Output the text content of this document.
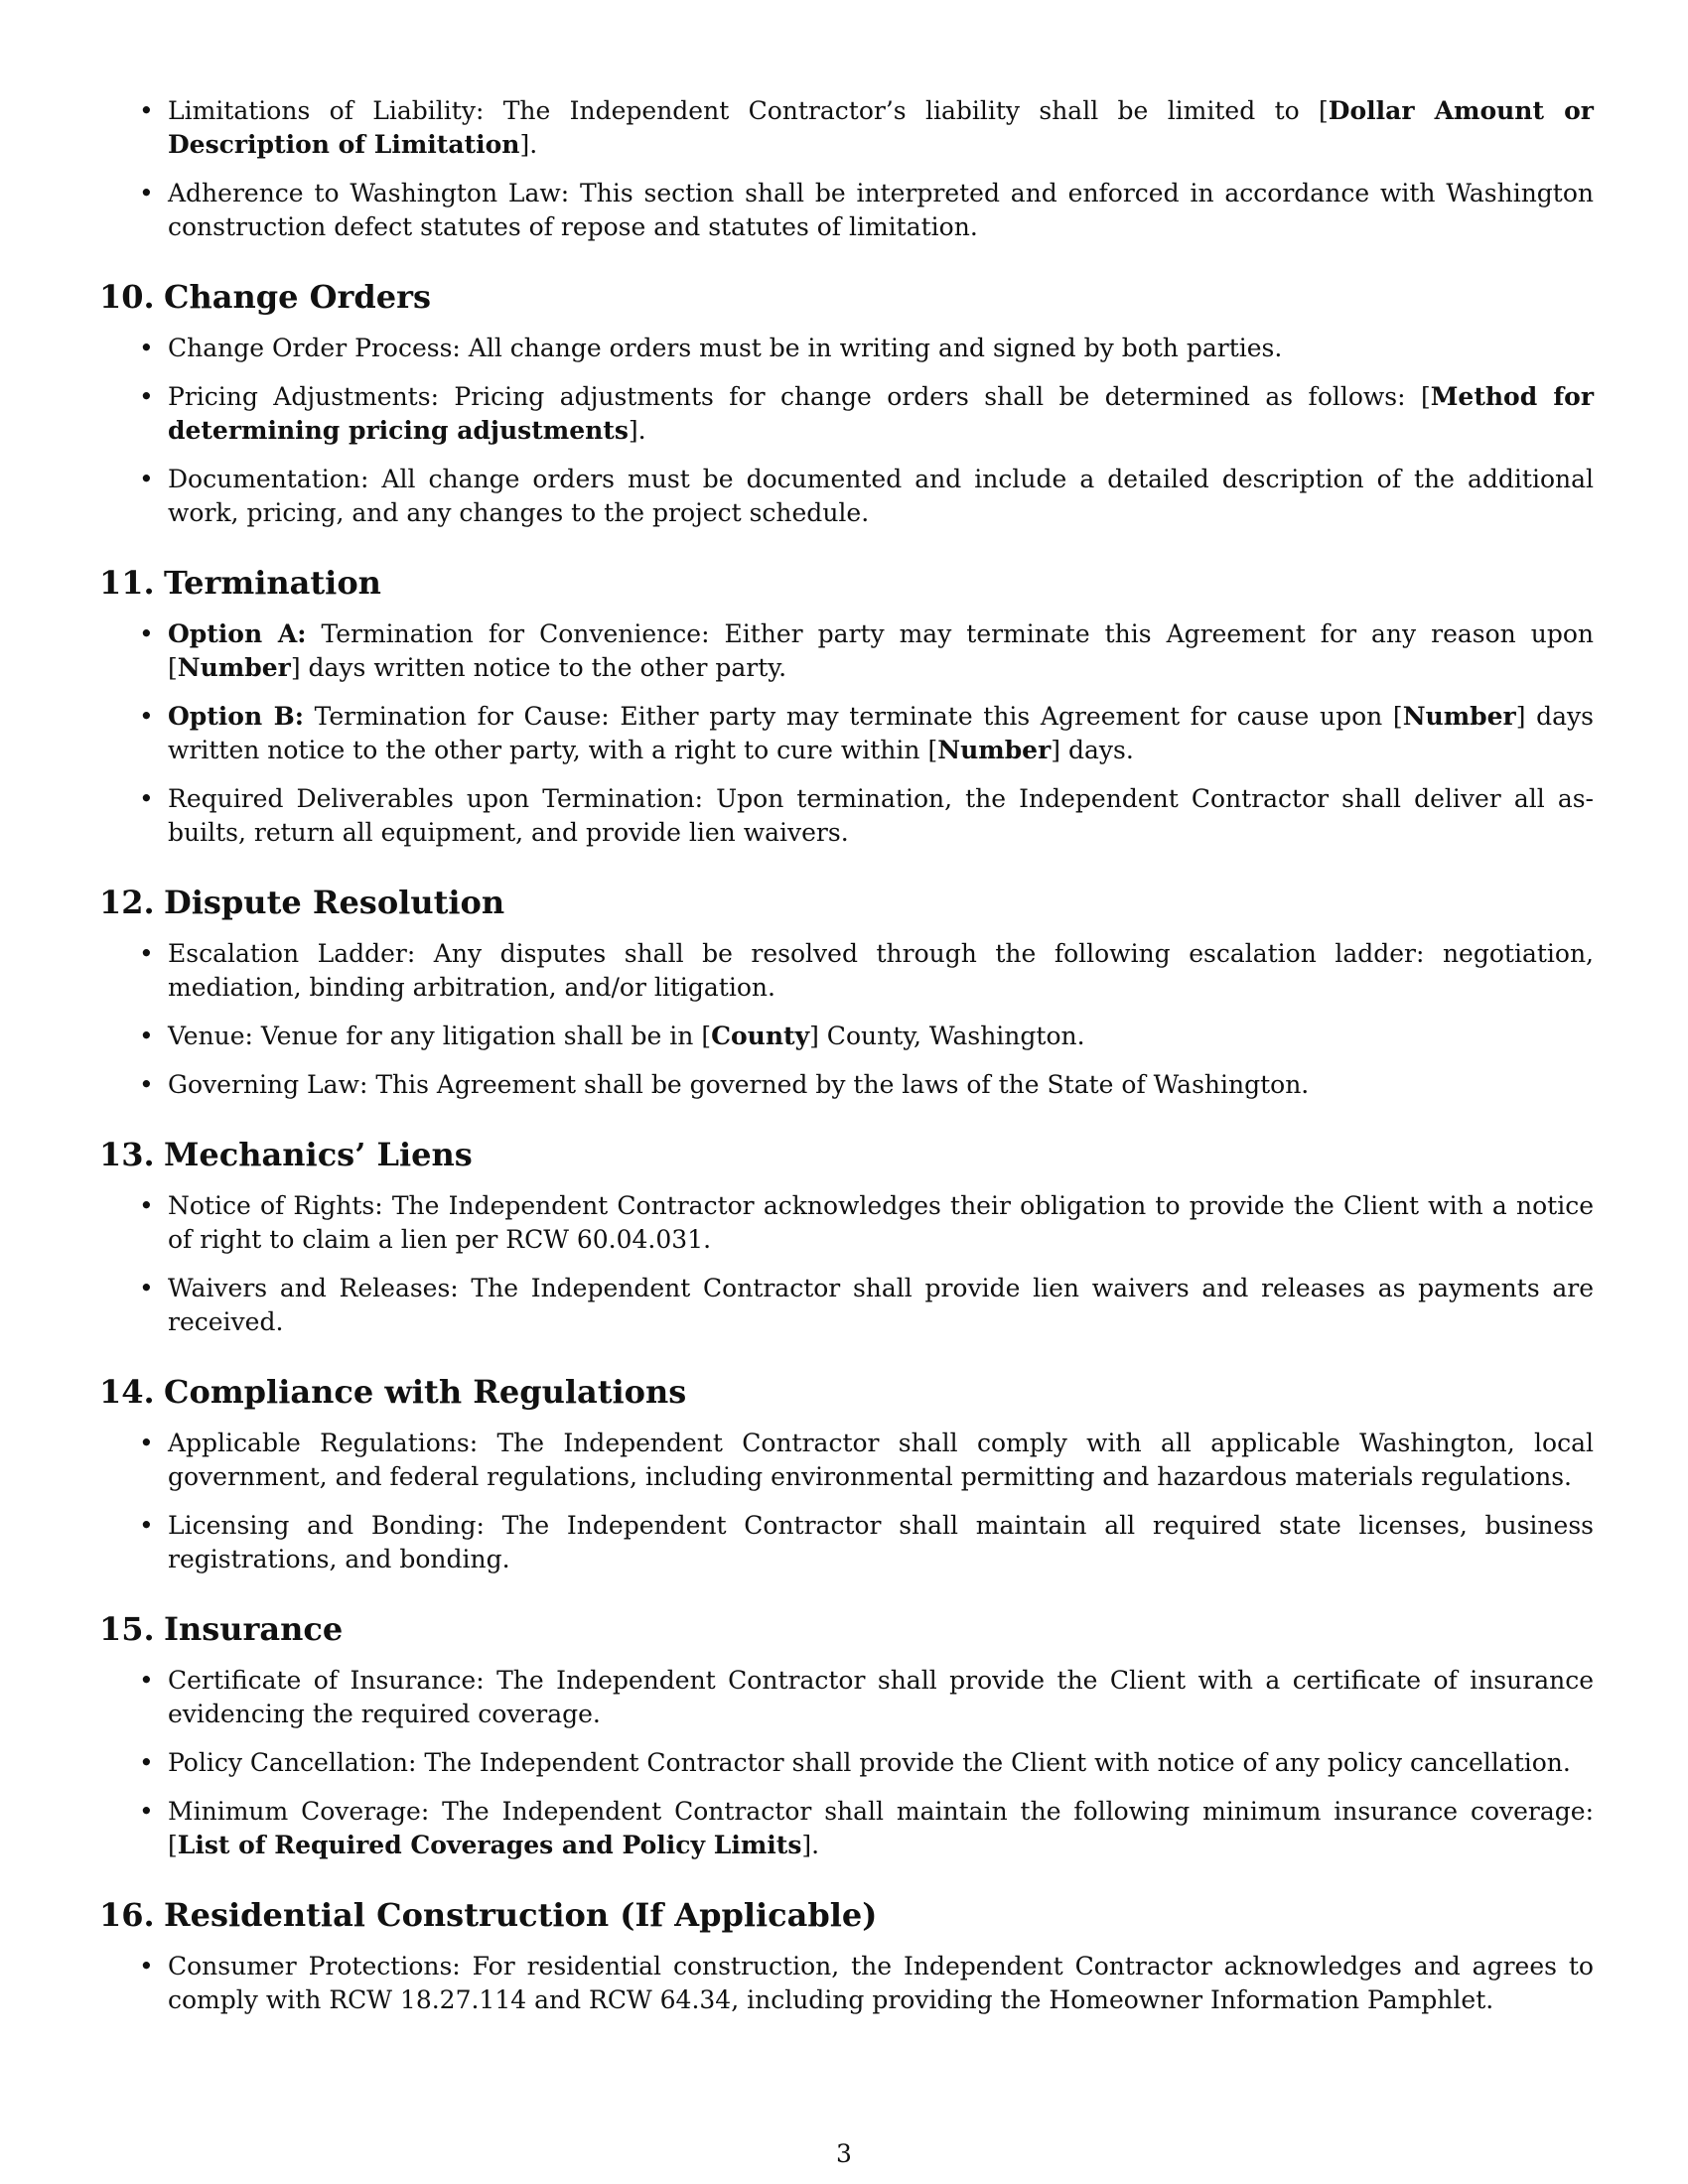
• Limitations of Liability: The Independent Contractor’s liability shall be limited to [Dollar Amount or Description of Limitation].
• Adherence to Washington Law: This section shall be interpreted and enforced in accordance with Washington construction defect statutes of repose and statutes of limitation.
10. Change Orders
• Change Order Process: All change orders must be in writing and signed by both parties.
• Pricing Adjustments: Pricing adjustments for change orders shall be determined as follows: [Method for determining pricing adjustments].
• Documentation: All change orders must be documented and include a detailed description of the additional work, pricing, and any changes to the project schedule.
11. Termination
• Option A: Termination for Convenience: Either party may terminate this Agreement for any reason upon [Number] days written notice to the other party.
• Option B: Termination for Cause: Either party may terminate this Agreement for cause upon [Number] days written notice to the other party, with a right to cure within [Number] days.
• Required Deliverables upon Termination: Upon termination, the Independent Contractor shall deliver all as-builts, return all equipment, and provide lien waivers.
12. Dispute Resolution
• Escalation Ladder: Any disputes shall be resolved through the following escalation ladder: negotiation, mediation, binding arbitration, and/or litigation.
• Venue: Venue for any litigation shall be in [County] County, Washington.
• Governing Law: This Agreement shall be governed by the laws of the State of Washington.
13. Mechanics’ Liens
• Notice of Rights: The Independent Contractor acknowledges their obligation to provide the Client with a notice of right to claim a lien per RCW 60.04.031.
• Waivers and Releases: The Independent Contractor shall provide lien waivers and releases as payments are received.
14. Compliance with Regulations
• Applicable Regulations: The Independent Contractor shall comply with all applicable Washington, local government, and federal regulations, including environmental permitting and hazardous materials regulations.
• Licensing and Bonding: The Independent Contractor shall maintain all required state licenses, business registrations, and bonding.
15. Insurance
• Certificate of Insurance: The Independent Contractor shall provide the Client with a certificate of insurance evidencing the required coverage.
• Policy Cancellation: The Independent Contractor shall provide the Client with notice of any policy cancellation.
• Minimum Coverage: The Independent Contractor shall maintain the following minimum insurance coverage: [List of Required Coverages and Policy Limits].
16. Residential Construction (If Applicable)
• Consumer Protections: For residential construction, the Independent Contractor acknowledges and agrees to comply with RCW 18.27.114 and RCW 64.34, including providing the Homeowner Information Pamphlet.
3
